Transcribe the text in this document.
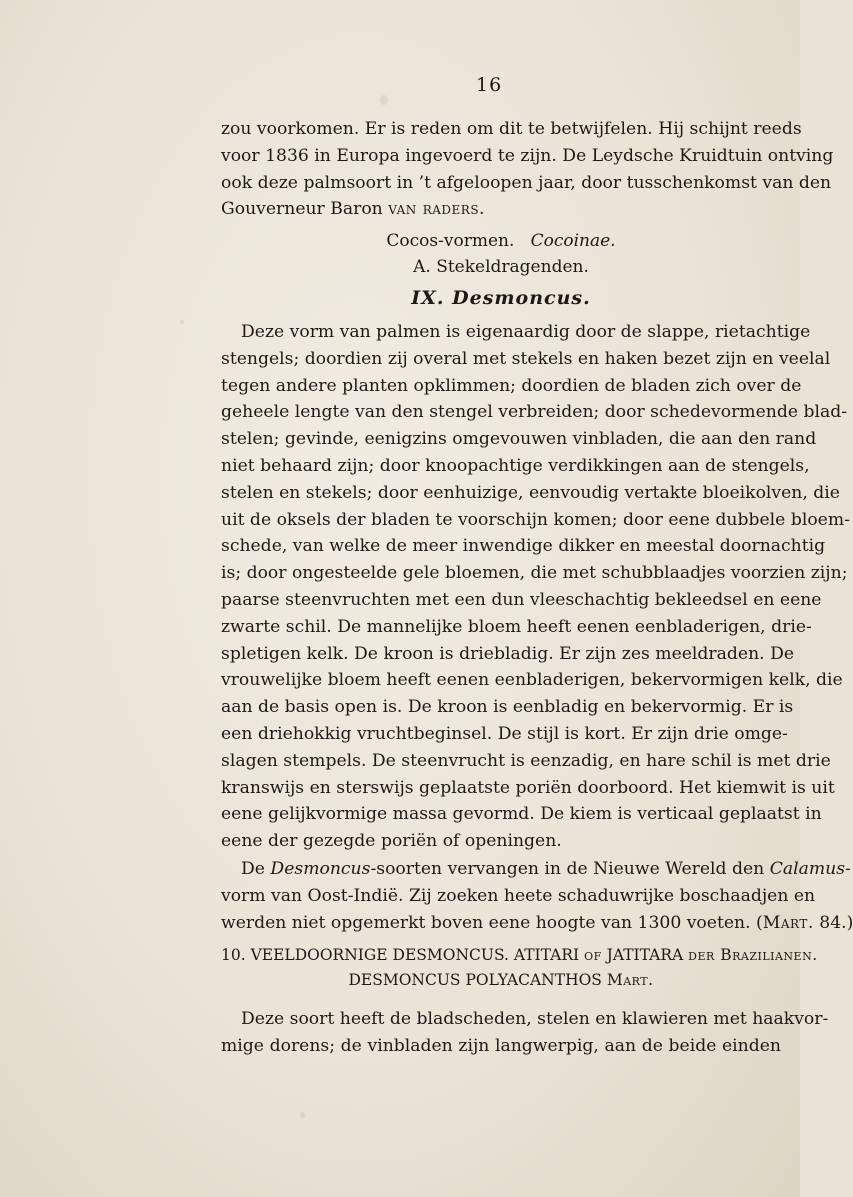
16

zou voorkomen. Er is reden om dit te betwijfelen. Hij schijnt reeds
voor 1836 in Europa ingevoerd te zijn. De Leydsche Kruidtuin ontving
ook deze palmsoort in ’t afgeloopen jaar, door tusschenkomst van den
Gouverneur Baron van raders.

Cocos-vormen. Cocoinae.
A. Stekeldragenden.
IX. Desmoncus.

Deze vorm van palmen is eigenaardig door de slappe, rietachtige
stengels; doordien zij overal met stekels en haken bezet zijn en veelal
tegen andere planten opklimmen; doordien de bladen zich over de
geheele lengte van den stengel verbreiden; door schedevormende blad-
stelen; gevinde, eenigzins omgevouwen vinbladen, die aan den rand
niet behaard zijn; door knoopachtige verdikkingen aan de stengels,
stelen en stekels; door eenhuizige, eenvoudig vertakte bloeikolven, die
uit de oksels der bladen te voorschijn komen; door eene dubbele bloem-
schede, van welke de meer inwendige dikker en meestal doornachtig
is; door ongesteelde gele bloemen, die met schubblaadjes voorzien zijn;
paarse steenvruchten met een dun vleeschachtig bekleedsel en eene
zwarte schil. De mannelijke bloem heeft eenen eenbladerigen, drie-
spletigen kelk. De kroon is driebladig. Er zijn zes meeldraden. De
vrouwelijke bloem heeft eenen eenbladerigen, bekervormigen kelk, die
aan de basis open is. De kroon is eenbladig en bekervormig. Er is
een driehokkig vruchtbeginsel. De stijl is kort. Er zijn drie omge-
slagen stempels. De steenvrucht is eenzadig, en hare schil is met drie
kranswijs en sterswijs geplaatste poriën doorboord. Het kiemwit is uit
eene gelijkvormige massa gevormd. De kiem is verticaal geplaatst in
eene der gezegde poriën of openingen.

De Desmoncus-soorten vervangen in de Nieuwe Wereld den Calamus-
vorm van Oost-Indië. Zij zoeken heete schaduwrijke boschaadjen en
werden niet opgemerkt boven eene hoogte van 1300 voeten. (Mart. 84.)

10. VEELDOORNIGE DESMONCUS. ATITARI of JATITARA der Brazilianen.
DESMONCUS POLYACANTHOS Mart.

Deze soort heeft de bladscheden, stelen en klawieren met haakvor-
mige dorens; de vinbladen zijn langwerpig, aan de beide einden
